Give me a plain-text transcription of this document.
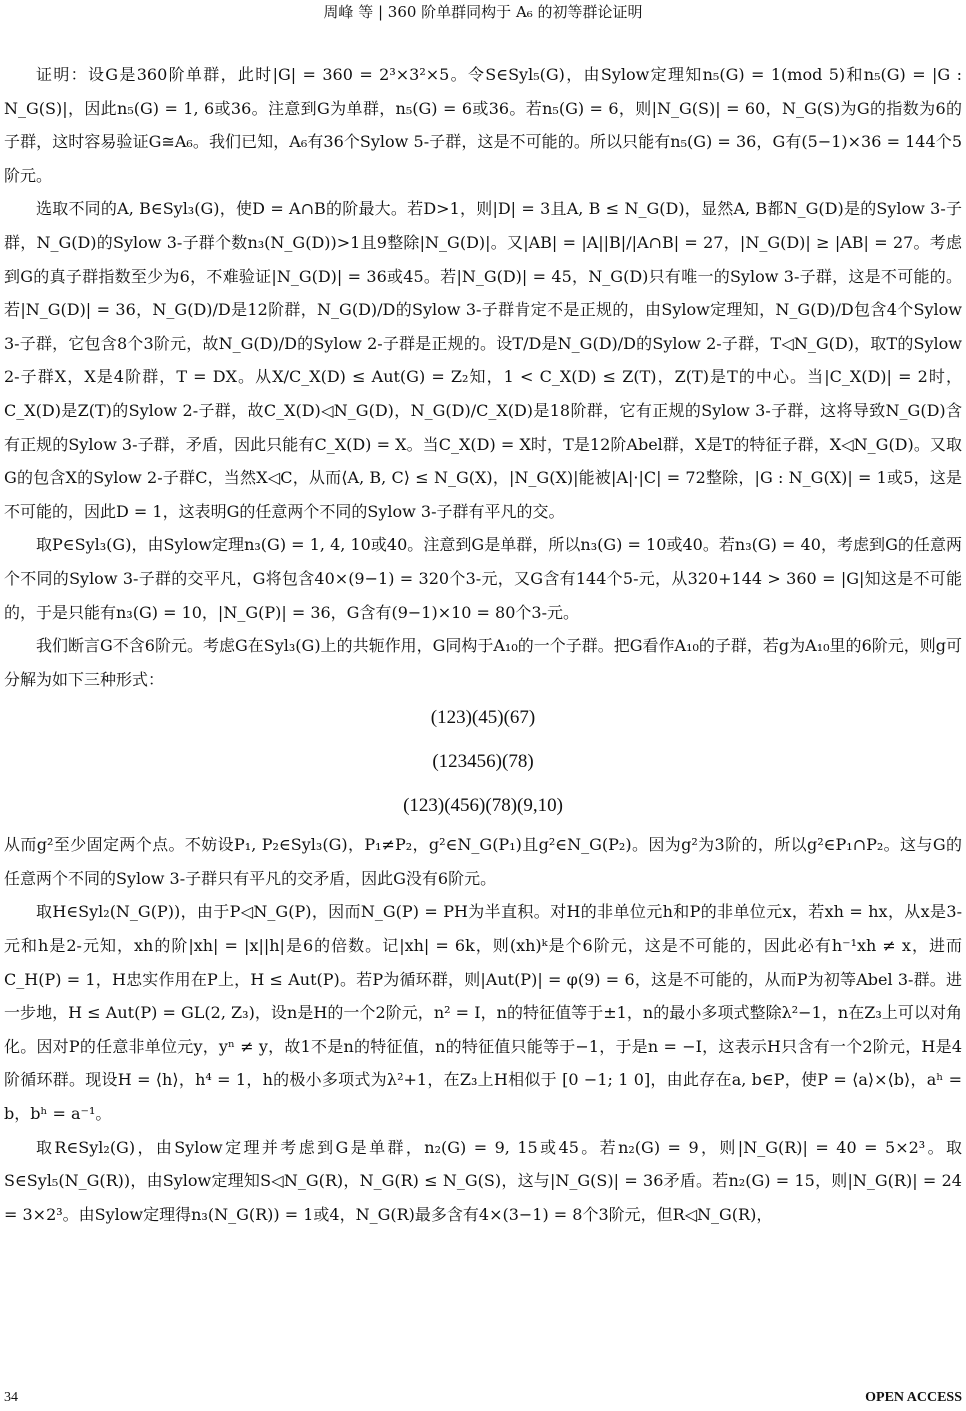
周峰 等 | 360 阶单群同构于 A₆ 的初等群论证明

证明：设G是360阶单群，此时|G| = 360 = 2³×3²×5。令S∈Syl₅(G)，由Sylow定理知n₅(G) = 1(mod 5)和n₅(G) = |G : N_G(S)|，因此n₅(G) = 1, 6或36。注意到G为单群，n₅(G) = 6或36。若n₅(G) = 6，则|N_G(S)| = 60，N_G(S)为G的指数为6的子群，这时容易验证G≅A₆。我们已知，A₆有36个Sylow 5-子群，这是不可能的。所以只能有n₅(G) = 36，G有(5−1)×36 = 144个5阶元。

选取不同的A, B∈Syl₃(G)，使D = A∩B的阶最大。若D>1，则|D| = 3且A, B ≤ N_G(D)，显然A, B都N_G(D)是的Sylow 3-子群，N_G(D)的Sylow 3-子群个数n₃(N_G(D))>1且9整除|N_G(D)|。又|AB| = |A||B|/|A∩B| = 27，|N_G(D)| ≥ |AB| = 27。考虑到G的真子群指数至少为6，不难验证|N_G(D)| = 36或45。若|N_G(D)| = 45，N_G(D)只有唯一的Sylow 3-子群，这是不可能的。若|N_G(D)| = 36，N_G(D)/D是12阶群，N_G(D)/D的Sylow 3-子群肯定不是正规的，由Sylow定理知，N_G(D)/D包含4个Sylow 3-子群，它包含8个3阶元，故N_G(D)/D的Sylow 2-子群是正规的。设T/D是N_G(D)/D的Sylow 2-子群，T◁N_G(D)，取T的Sylow 2-子群X，X是4阶群，T = DX。从X/C_X(D) ≤ Aut(G) = Z₂知，1 < C_X(D) ≤ Z(T)，Z(T)是T的中心。当|C_X(D)| = 2时，C_X(D)是Z(T)的Sylow 2-子群，故C_X(D)◁N_G(D)，N_G(D)/C_X(D)是18阶群，它有正规的Sylow 3-子群，这将导致N_G(D)含有正规的Sylow 3-子群，矛盾，因此只能有C_X(D) = X。当C_X(D) = X时，T是12阶Abel群，X是T的特征子群，X◁N_G(D)。又取G的包含X的Sylow 2-子群C，当然X◁C，从而⟨A, B, C⟩ ≤ N_G(X)，|N_G(X)|能被|A|·|C| = 72整除，|G : N_G(X)| = 1或5，这是不可能的，因此D = 1，这表明G的任意两个不同的Sylow 3-子群有平凡的交。

取P∈Syl₃(G)，由Sylow定理n₃(G) = 1, 4, 10或40。注意到G是单群，所以n₃(G) = 10或40。若n₃(G) = 40，考虑到G的任意两个不同的Sylow 3-子群的交平凡，G将包含40×(9−1) = 320个3-元，又G含有144个5-元，从320+144 > 360 = |G|知这是不可能的，于是只能有n₃(G) = 10，|N_G(P)| = 36，G含有(9−1)×10 = 80个3-元。

我们断言G不含6阶元。考虑G在Syl₃(G)上的共轭作用，G同构于A₁₀的一个子群。把G看作A₁₀的子群，若g为A₁₀里的6阶元，则g可分解为如下三种形式：

(123)(45)(67)
(123456)(78)
(123)(456)(78)(9,10)

从而g²至少固定两个点。不妨设P₁, P₂∈Syl₃(G)，P₁≠P₂，g²∈N_G(P₁)且g²∈N_G(P₂)。因为g²为3阶的，所以g²∈P₁∩P₂。这与G的任意两个不同的Sylow 3-子群只有平凡的交矛盾，因此G没有6阶元。

取H∈Syl₂(N_G(P))，由于P◁N_G(P)，因而N_G(P) = PH为半直积。对H的非单位元h和P的非单位元x，若xh = hx，从x是3-元和h是2-元知，xh的阶|xh| = |x||h|是6的倍数。记|xh| = 6k，则(xh)ᵏ是个6阶元，这是不可能的，因此必有h⁻¹xh ≠ x，进而C_H(P) = 1，H忠实作用在P上，H ≤ Aut(P)。若P为循环群，则|Aut(P)| = φ(9) = 6，这是不可能的，从而P为初等Abel 3-群。进一步地，H ≤ Aut(P) = GL(2, Z₃)，设n是H的一个2阶元，n² = I，n的特征值等于±1，n的最小多项式整除λ²−1，n在Z₃上可以对角化。因对P的任意非单位元y，yⁿ ≠ y，故1不是n的特征值，n的特征值只能等于−1，于是n = −I，这表示H只含有一个2阶元，H是4阶循环群。现设H = ⟨h⟩，h⁴ = 1，h的极小多项式为λ²+1，在Z₃上H相似于 [0 −1; 1 0]，由此存在a, b∈P，使P = ⟨a⟩×⟨b⟩，aʰ = b，bʰ = a⁻¹。

取R∈Syl₂(G)，由Sylow定理并考虑到G是单群，n₂(G) = 9, 15或45。若n₂(G) = 9，则|N_G(R)| = 40 = 5×2³。取S∈Syl₅(N_G(R))，由Sylow定理知S◁N_G(R)，N_G(R) ≤ N_G(S)，这与|N_G(S)| = 36矛盾。若n₂(G) = 15，则|N_G(R)| = 24 = 3×2³。由Sylow定理得n₃(N_G(R)) = 1或4，N_G(R)最多含有4×(3−1) = 8个3阶元，但R◁N_G(R)，

34	OPEN ACCESS
